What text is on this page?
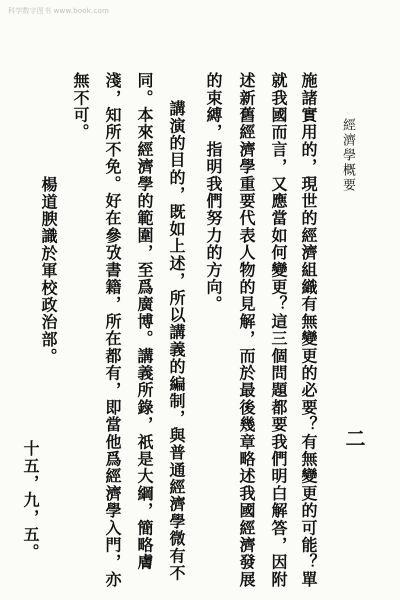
科学数字图书 www.book.com
經濟學概要
二
施諸實用的，現世的經濟組織有無變更的必要？有無變更的可能？單
就我國而言，又應當如何變更？這三個問題都要我們明白解答，因附
述新舊經濟學重要代表人物的見解，而於最後幾章略述我國經濟發展
的束縛，指明我們努力的方向。
講演的目的，既如上述，所以講義的編制，與普通經濟學微有不
同。本來經濟學的範圍，至爲廣博。講義所錄，祇是大綱，簡略膚
淺，知所不免。好在參攷書籍，所在都有，即當他爲經濟學入門，亦
無不可。
楊道腴識於軍校政治部。
十五，九，五。
